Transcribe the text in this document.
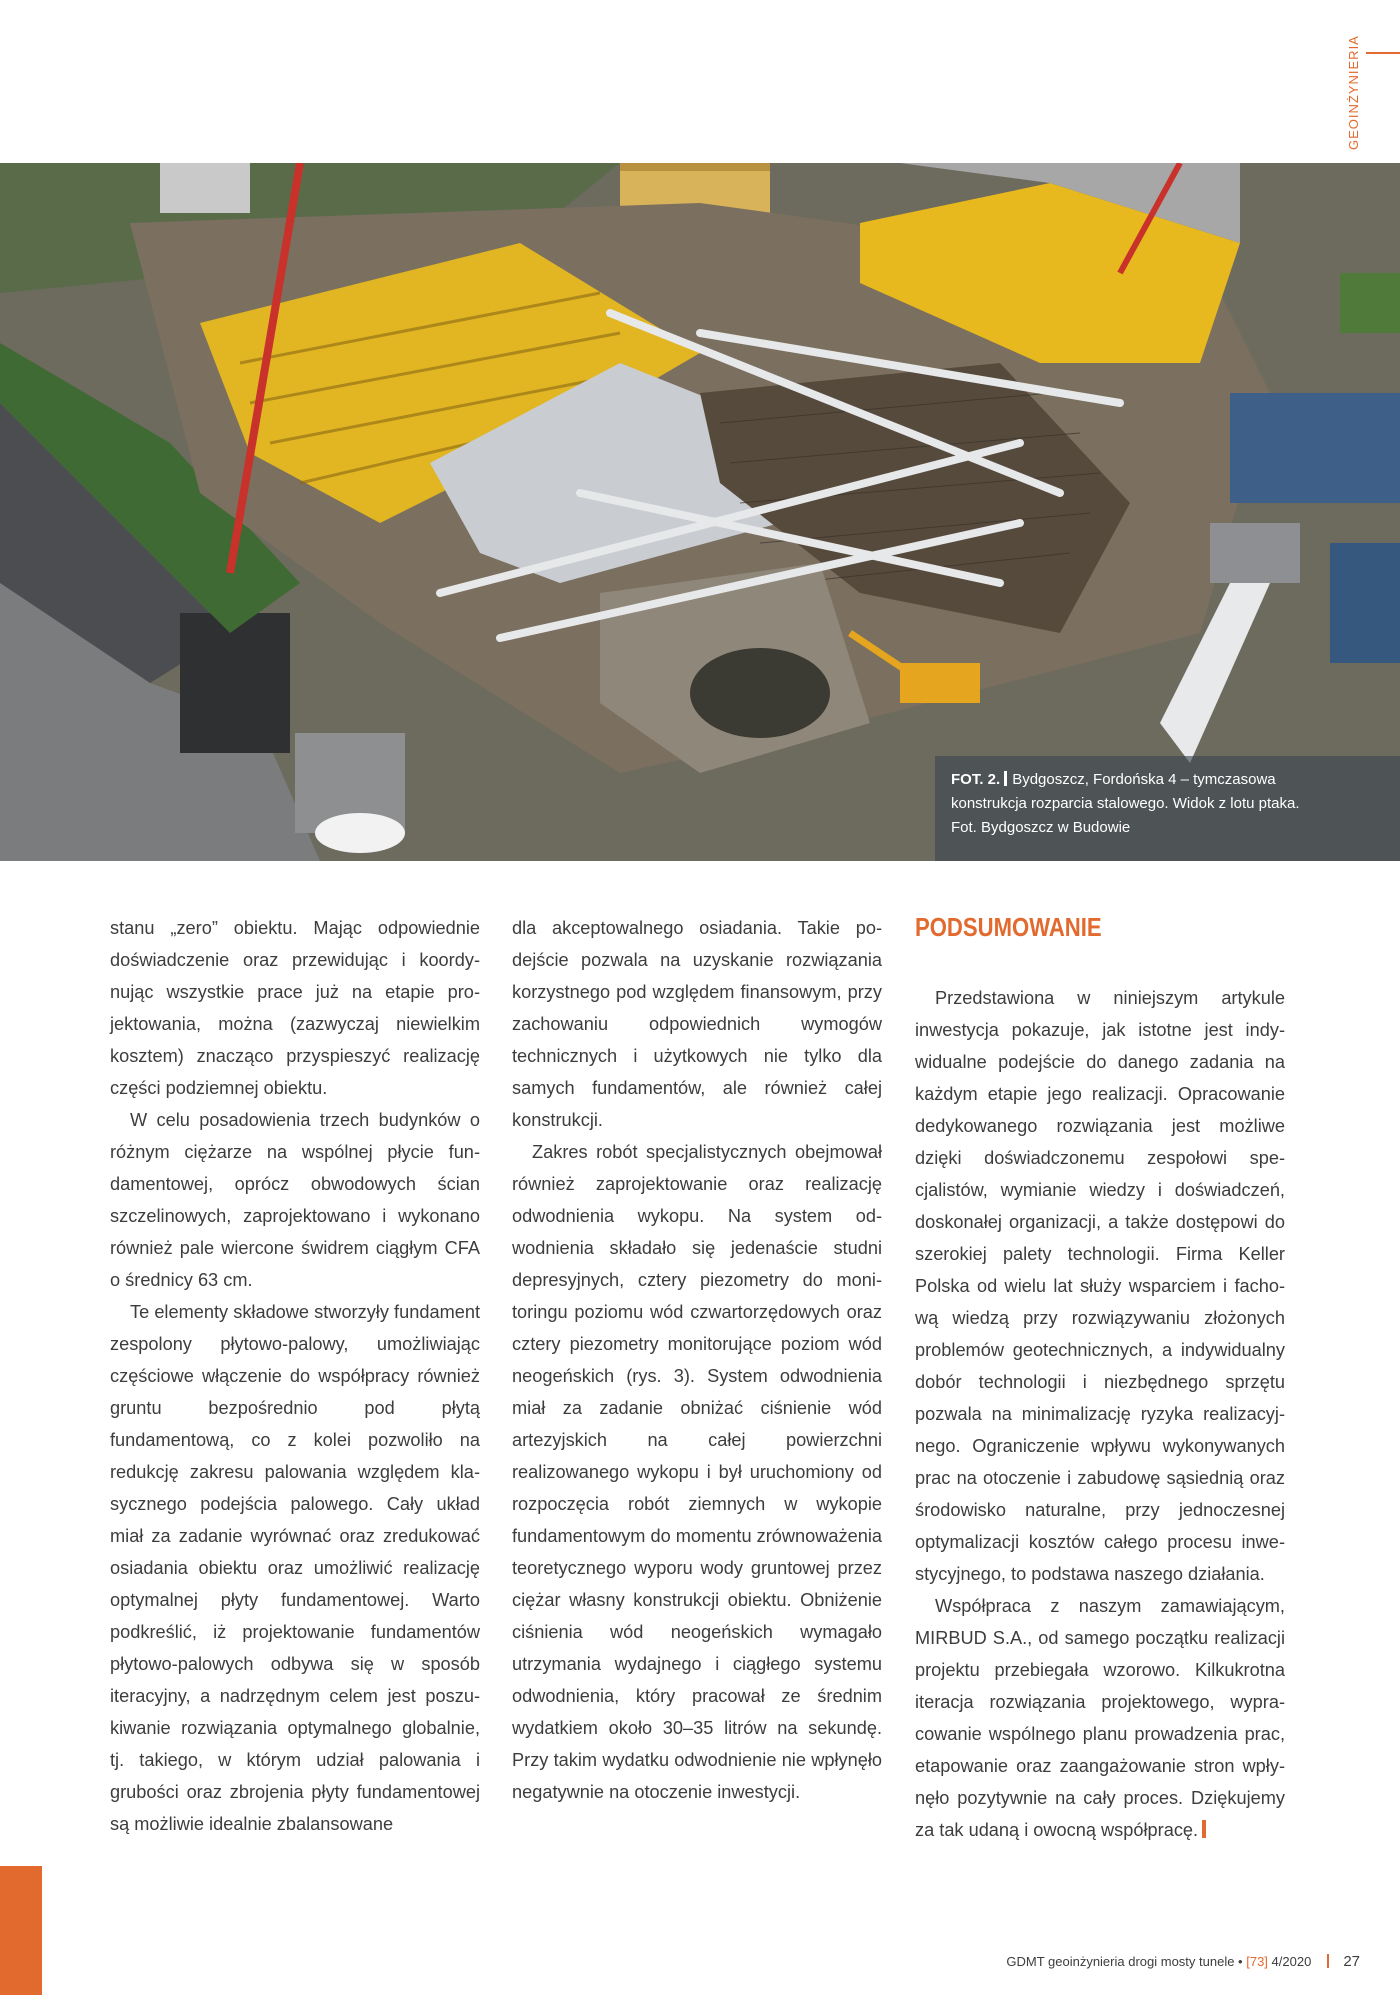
GEOINŻYNIERIA
FOT. 2. Bydgoszcz, Fordońska 4 – tymczasowa
konstrukcja rozparcia stalowego. Widok z lotu ptaka.
Fot. Bydgoszcz w Budowie

stanu „zero” obiektu. Mając odpowiednie doświadczenie oraz przewidując i koordynując wszystkie prace już na etapie projektowania, można (zazwyczaj niewielkim kosztem) znacząco przyspieszyć realizację części podziemnej obiektu.

W celu posadowienia trzech budynków o różnym ciężarze na wspólnej płycie fundamentowej, oprócz obwodowych ścian szczelinowych, zaprojektowano i wykonano również pale wiercone świdrem ciągłym CFA o średnicy 63 cm.

Te elementy składowe stworzyły fundament zespolony płytowo-palowy, umożliwiając częściowe włączenie do współpracy również gruntu bezpośrednio pod płytą fundamentową, co z kolei pozwoliło na redukcję zakresu palowania względem klasycznego podejścia palowego. Cały układ miał za zadanie wyrównać oraz zredukować osiadania obiektu oraz umożliwić realizację optymalnej płyty fundamentowej. Warto podkreślić, iż projektowanie fundamentów płytowo-palowych odbywa się w sposób iteracyjny, a nadrzędnym celem jest poszukiwanie rozwiązania optymalnego globalnie, tj. takiego, w którym udział palowania i grubości oraz zbrojenia płyty fundamentowej są możliwie idealnie zbalansowane

dla akceptowalnego osiadania. Takie podejście pozwala na uzyskanie rozwiązania korzystnego pod względem finansowym, przy zachowaniu odpowiednich wymogów technicznych i użytkowych nie tylko dla samych fundamentów, ale również całej konstrukcji.

Zakres robót specjalistycznych obejmował również zaprojektowanie oraz realizację odwodnienia wykopu. Na system odwodnienia składało się jedenaście studni depresyjnych, cztery piezometry do monitoringu poziomu wód czwartorzędowych oraz cztery piezometry monitorujące poziom wód neogeńskich (rys. 3). System odwodnienia miał za zadanie obniżać ciśnienie wód artezyjskich na całej powierzchni realizowanego wykopu i był uruchomiony od rozpoczęcia robót ziemnych w wykopie fundamentowym do momentu zrównoważenia teoretycznego wyporu wody gruntowej przez ciężar własny konstrukcji obiektu. Obniżenie ciśnienia wód neogeńskich wymagało utrzymania wydajnego i ciągłego systemu odwodnienia, który pracował ze średnim wydatkiem około 30–35 litrów na sekundę. Przy takim wydatku odwodnienie nie wpłynęło negatywnie na otoczenie inwestycji.

PODSUMOWANIE

Przedstawiona w niniejszym artykule inwestycja pokazuje, jak istotne jest indywidualne podejście do danego zadania na każdym etapie jego realizacji. Opracowanie dedykowanego rozwiązania jest możliwe dzięki doświadczonemu zespołowi specjalistów, wymianie wiedzy i doświadczeń, doskonałej organizacji, a także dostępowi do szerokiej palety technologii. Firma Keller Polska od wielu lat służy wsparciem i fachową wiedzą przy rozwiązywaniu złożonych problemów geotechnicznych, a indywidualny dobór technologii i niezbędnego sprzętu pozwala na minimalizację ryzyka realizacyjnego. Ograniczenie wpływu wykonywanych prac na otoczenie i zabudowę sąsiednią oraz środowisko naturalne, przy jednoczesnej optymalizacji kosztów całego procesu inwestycyjnego, to podstawa naszego działania.

Współpraca z naszym zamawiającym, MIRBUD S.A., od samego początku realizacji projektu przebiegała wzorowo. Kilkukrotna iteracja rozwiązania projektowego, wypracowanie wspólnego planu prowadzenia prac, etapowanie oraz zaangażowanie stron wpłynęło pozytywnie na cały proces. Dziękujemy za tak udaną i owocną współpracę.

GDMT geoinżynieria drogi mosty tunele • [73] 4/2020 27
